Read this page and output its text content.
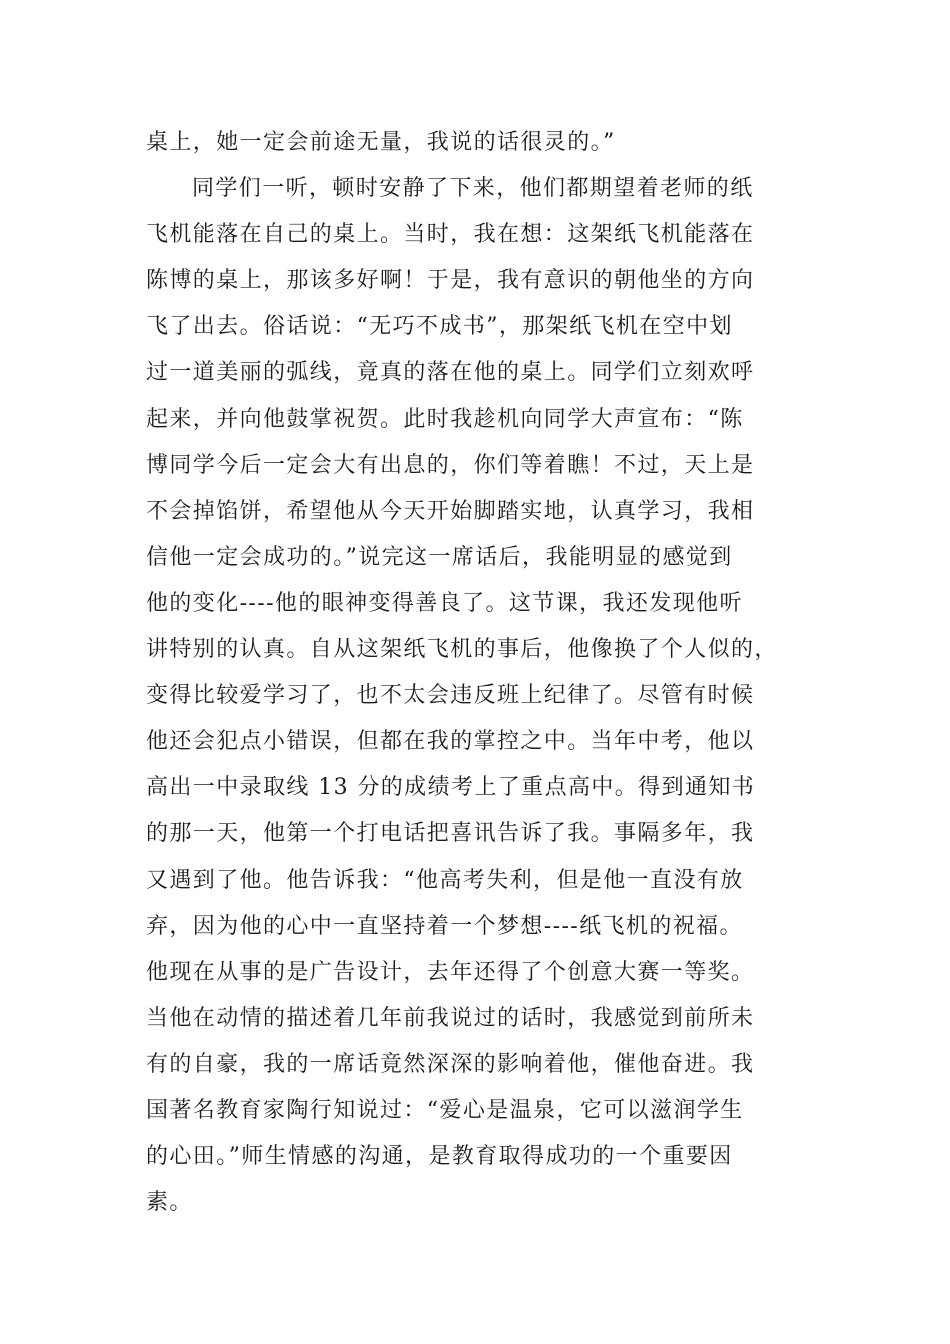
桌上，她一定会前途无量，我说的话很灵的。”
同学们一听，顿时安静了下来，他们都期望着老师的纸
飞机能落在自己的桌上。当时，我在想：这架纸飞机能落在
陈博的桌上，那该多好啊！于是，我有意识的朝他坐的方向
飞了出去。俗话说：“无巧不成书”，那架纸飞机在空中划
过一道美丽的弧线，竟真的落在他的桌上。同学们立刻欢呼
起来，并向他鼓掌祝贺。此时我趁机向同学大声宣布：“陈
博同学今后一定会大有出息的，你们等着瞧！不过，天上是
不会掉馅饼，希望他从今天开始脚踏实地，认真学习，我相
信他一定会成功的。”说完这一席话后，我能明显的感觉到
他的变化----他的眼神变得善良了。这节课，我还发现他听
讲特别的认真。自从这架纸飞机的事后，他像换了个人似的，
变得比较爱学习了，也不太会违反班上纪律了。尽管有时候
他还会犯点小错误，但都在我的掌控之中。当年中考，他以
高出一中录取线 13 分的成绩考上了重点高中。得到通知书
的那一天，他第一个打电话把喜讯告诉了我。事隔多年，我
又遇到了他。他告诉我：“他高考失利，但是他一直没有放
弃，因为他的心中一直坚持着一个梦想----纸飞机的祝福。
他现在从事的是广告设计，去年还得了个创意大赛一等奖。
当他在动情的描述着几年前我说过的话时，我感觉到前所未
有的自豪，我的一席话竟然深深的影响着他，催他奋进。我
国著名教育家陶行知说过：“爱心是温泉，它可以滋润学生
的心田。”师生情感的沟通，是教育取得成功的一个重要因
素。
